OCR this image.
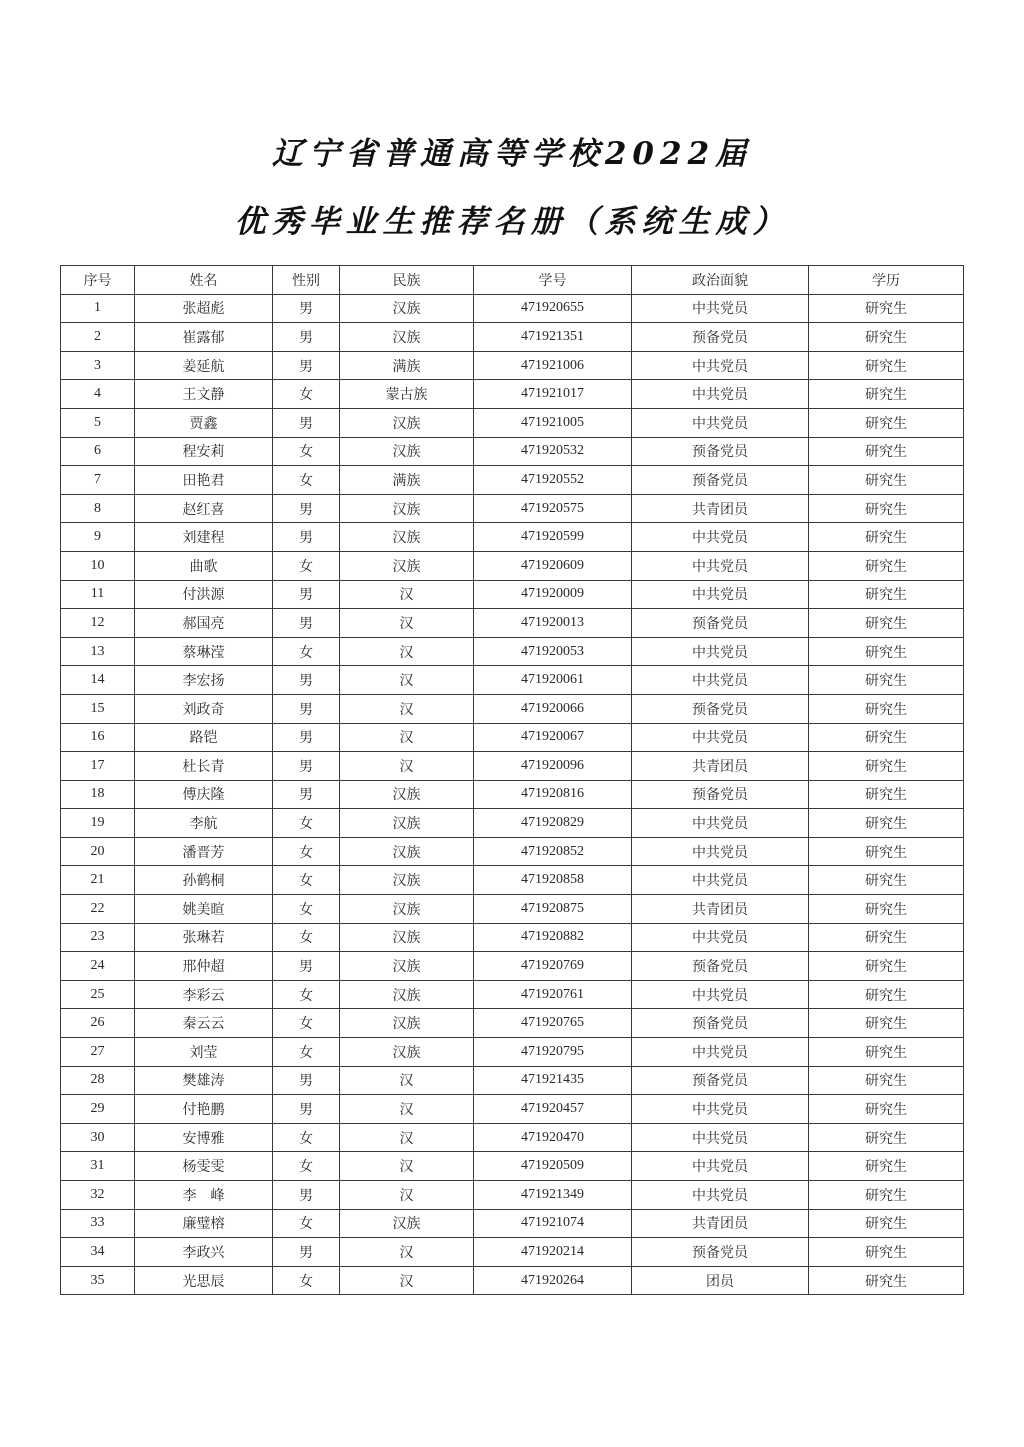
辽宁省普通高等学校2022届
优秀毕业生推荐名册（系统生成）
序号	姓名	性别	民族	学号	政治面貌	学历
1	张超彪	男	汉族	471920655	中共党员	研究生
2	崔露郁	男	汉族	471921351	预备党员	研究生
3	姜延航	男	满族	471921006	中共党员	研究生
4	王文静	女	蒙古族	471921017	中共党员	研究生
5	贾鑫	男	汉族	471921005	中共党员	研究生
6	程安莉	女	汉族	471920532	预备党员	研究生
7	田艳君	女	满族	471920552	预备党员	研究生
8	赵红喜	男	汉族	471920575	共青团员	研究生
9	刘建程	男	汉族	471920599	中共党员	研究生
10	曲歌	女	汉族	471920609	中共党员	研究生
11	付洪源	男	汉	471920009	中共党员	研究生
12	郝国亮	男	汉	471920013	预备党员	研究生
13	蔡琳滢	女	汉	471920053	中共党员	研究生
14	李宏扬	男	汉	471920061	中共党员	研究生
15	刘政奇	男	汉	471920066	预备党员	研究生
16	路铠	男	汉	471920067	中共党员	研究生
17	杜长青	男	汉	471920096	共青团员	研究生
18	傅庆隆	男	汉族	471920816	预备党员	研究生
19	李航	女	汉族	471920829	中共党员	研究生
20	潘晋芳	女	汉族	471920852	中共党员	研究生
21	孙鹤桐	女	汉族	471920858	中共党员	研究生
22	姚美暄	女	汉族	471920875	共青团员	研究生
23	张琳若	女	汉族	471920882	中共党员	研究生
24	邢仲超	男	汉族	471920769	预备党员	研究生
25	李彩云	女	汉族	471920761	中共党员	研究生
26	秦云云	女	汉族	471920765	预备党员	研究生
27	刘莹	女	汉族	471920795	中共党员	研究生
28	樊雄涛	男	汉	471921435	预备党员	研究生
29	付艳鹏	男	汉	471920457	中共党员	研究生
30	安博雅	女	汉	471920470	中共党员	研究生
31	杨雯雯	女	汉	471920509	中共党员	研究生
32	李　峰	男	汉	471921349	中共党员	研究生
33	廉璧榕	女	汉族	471921074	共青团员	研究生
34	李政兴	男	汉	471920214	预备党员	研究生
35	光思辰	女	汉	471920264	团员	研究生
